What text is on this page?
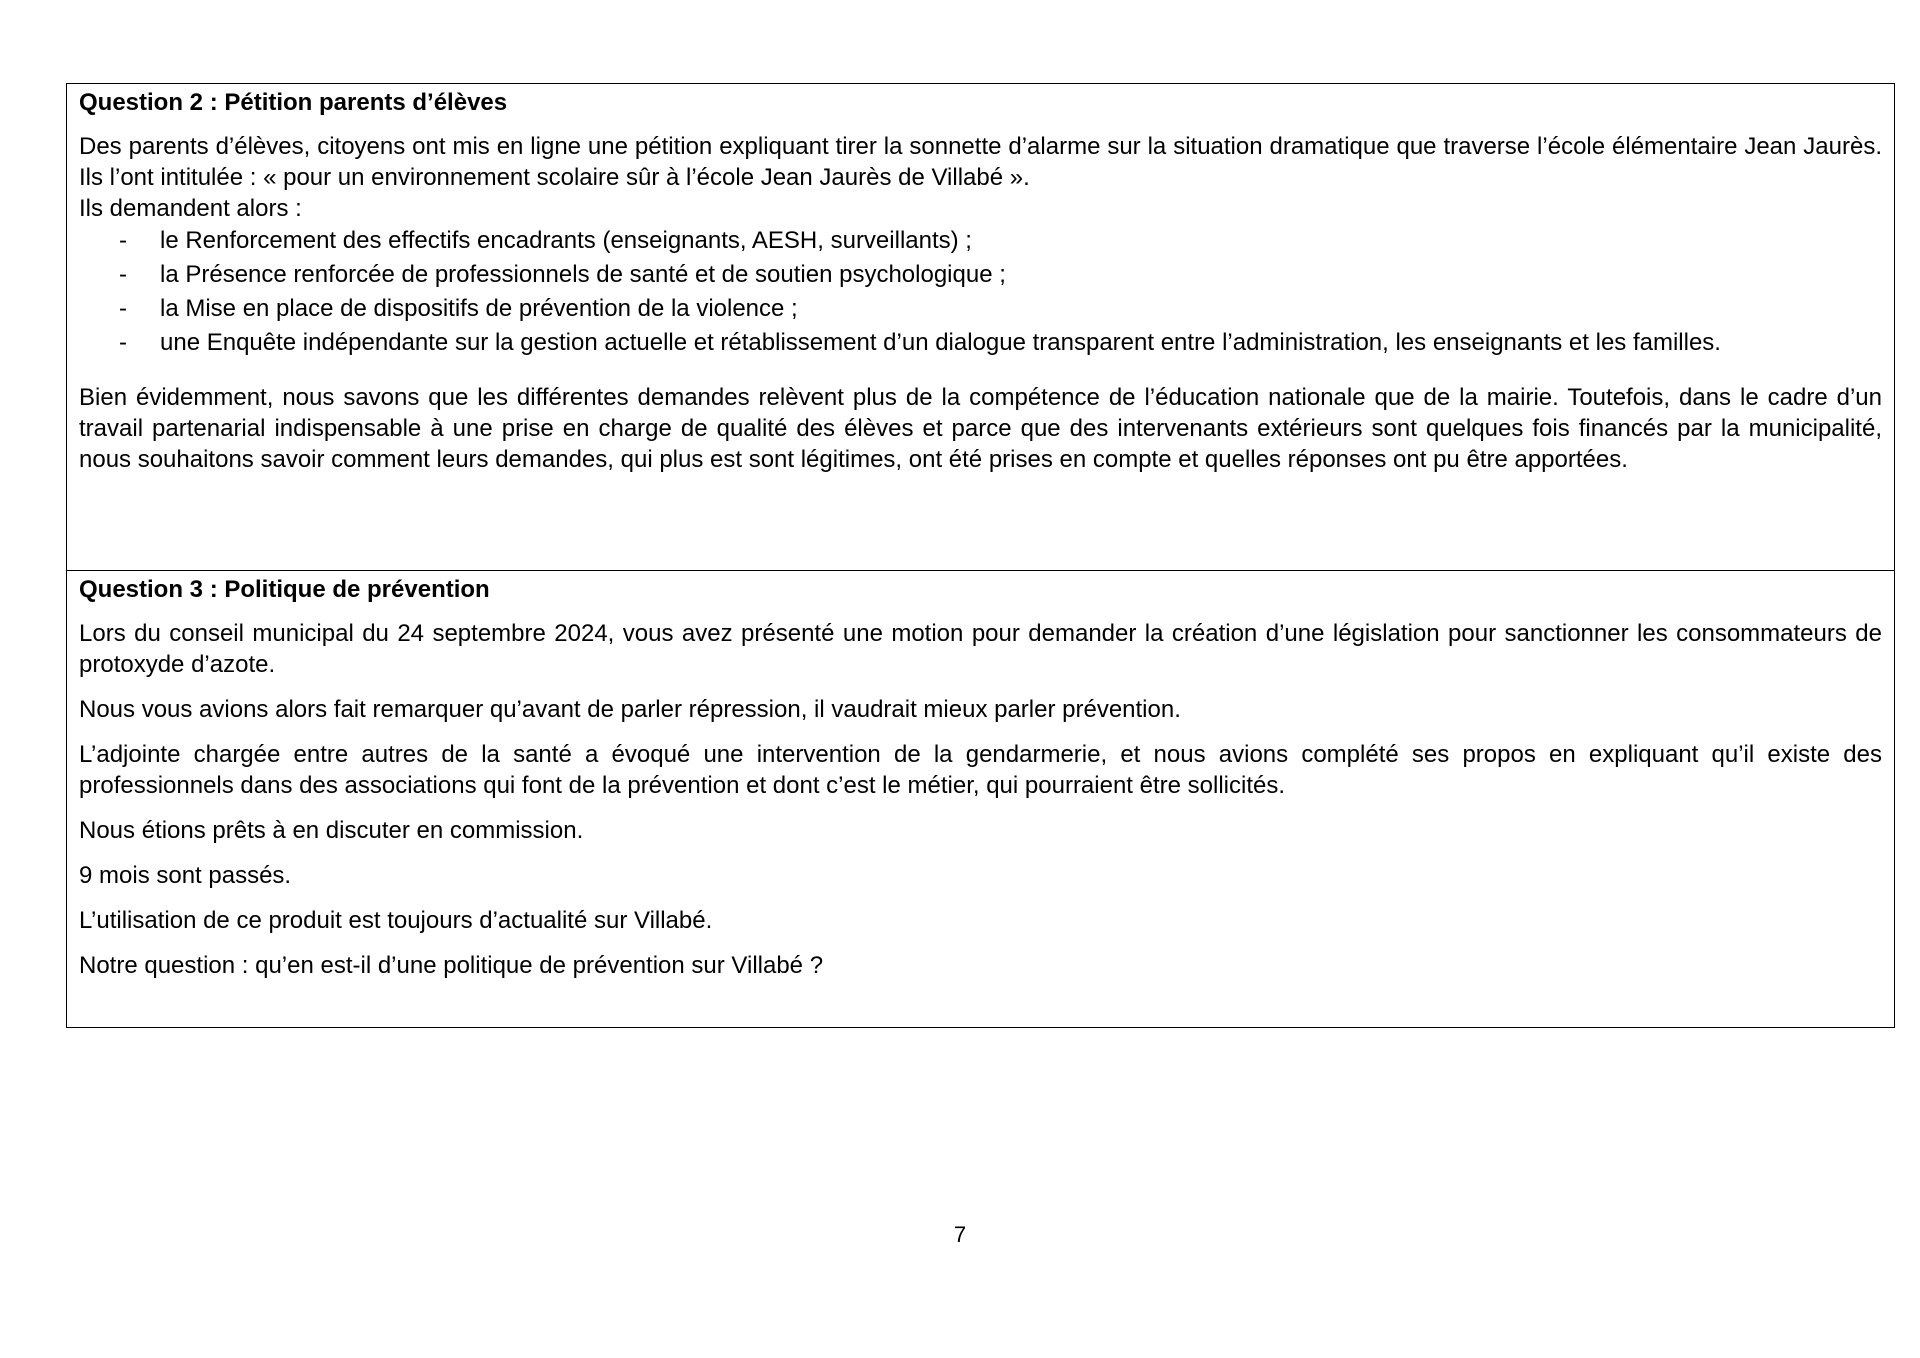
Question 2 : Pétition parents d’élèves

Des parents d’élèves, citoyens ont mis en ligne une pétition expliquant tirer la sonnette d’alarme sur la situation dramatique que traverse l’école élémentaire Jean Jaurès. Ils l’ont intitulée : « pour un environnement scolaire sûr à l’école Jean Jaurès de Villabé ».

Ils demandent alors :
- le Renforcement des effectifs encadrants (enseignants, AESH, surveillants) ;
- la Présence renforcée de professionnels de santé et de soutien psychologique ;
- la Mise en place de dispositifs de prévention de la violence ;
- une Enquête indépendante sur la gestion actuelle et rétablissement d’un dialogue transparent entre l’administration, les enseignants et les familles.

Bien évidemment, nous savons que les différentes demandes relèvent plus de la compétence de l’éducation nationale que de la mairie. Toutefois, dans le cadre d’un travail partenarial indispensable à une prise en charge de qualité des élèves et parce que des intervenants extérieurs sont quelques fois financés par la municipalité, nous souhaitons savoir comment leurs demandes, qui plus est sont légitimes, ont été prises en compte et quelles réponses ont pu être apportées.

Question 3 : Politique de prévention

Lors du conseil municipal du 24 septembre 2024, vous avez présenté une motion pour demander la création d’une législation pour sanctionner les consommateurs de protoxyde d’azote.

Nous vous avions alors fait remarquer qu’avant de parler répression, il vaudrait mieux parler prévention.

L’adjointe chargée entre autres de la santé a évoqué une intervention de la gendarmerie, et nous avions complété ses propos en expliquant qu’il existe des professionnels dans des associations qui font de la prévention et dont c’est le métier, qui pourraient être sollicités.

Nous étions prêts à en discuter en commission.

9 mois sont passés.

L’utilisation de ce produit est toujours d’actualité sur Villabé.

Notre question : qu’en est-il d’une politique de prévention sur Villabé ?

7
